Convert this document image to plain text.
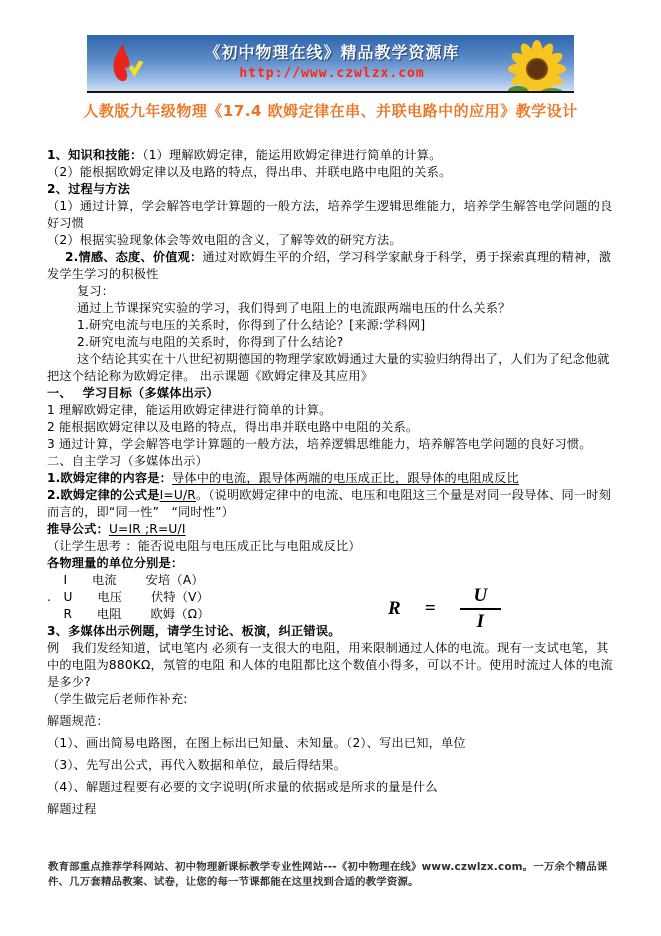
《初中物理在线》精品教学资源库
http://www.czwlzx.com
人教版九年级物理《17.4 欧姆定律在串、并联电路中的应用》教学设计

1、知识和技能：（1）理解欧姆定律，能运用欧姆定律进行简单的计算。

（2）能根据欧姆定律以及电路的特点，得出串、并联电路中电阻的关系。

2、过程与方法

（1）通过计算，学会解答电学计算题的一般方法，培养学生逻辑思维能力，培养学生解答电学问题的良好习惯

（2）根据实验现象体会等效电阻的含义，了解等效的研究方法。

2.情感、态度、价值观：通过对欧姆生平的介绍，学习科学家献身于科学，勇于探索真理的精神，激发学生学习的积极性

复习：

通过上节课探究实验的学习，我们得到了电阻上的电流跟两端电压的什么关系？

1.研究电流与电压的关系时，你得到了什么结论？[来源:学科网]

2.研究电流与电阻的关系时，你得到了什么结论?

这个结论其实在十八世纪初期德国的物理学家欧姆通过大量的实验归纳得出了，人们为了纪念他就把这个结论称为欧姆定律。 出示课题《欧姆定律及其应用》

一、　 学习目标（多媒体出示）

1 理解欧姆定律，能运用欧姆定律进行简单的计算。

2 能根据欧姆定律以及电路的特点，得出串并联电路中电阻的关系。

3 通过计算，学会解答电学计算题的一般方法，培养逻辑思维能力，培养解答电学问题的良好习惯。

二、自主学习（多媒体出示）

1.欧姆定律的内容是：导体中的电流，跟导体两端的电压成正比，跟导体的电阻成反比

2.欧姆定律的公式是I=U/R。（说明欧姆定律中的电流、电压和电阻这三个量是对同一段导体、同一时刻而言的，即“同一性”　“同时性”）

推导公式：U=IR ;R=U/I

（让学生思考 ：能否说电阻与电压成正比与电阻成反比）

各物理量的单位分别是：

　 I　　电流　　 安培（A）

.　U　　电压　　 伏特（V）

　 R　　电阻　　 欧姆（Ω）

3、多媒体出示例题，请学生讨论、板演，纠正错误。

例　我们发经知道，试电笔内 必须有一支很大的电阻，用来限制通过人体的电流。现有一支试电笔，其中的电阻为880KΩ，氖管的电阻 和人体的电阻都比这个数值小得多，可以不计。使用时流过人体的电流是多少?

（学生做完后老师作补充:

解题规范：

（1）、画出简易电路图，在图上标出已知量、未知量。（2）、写出已知，单位

（3）、先写出公式，再代入数据和单位，最后得结果。

（4）、解题过程要有必要的文字说明(所求量的依据或是所求的量是什么

解题过程

$R = \frac{U}{I}$
教育部重点推荐学科网站、初中物理新课标教学专业性网站---《初中物理在线》www.czwlzx.com。一万余个精品课件、几万套精品教案、试卷，让您的每一节课都能在这里找到合适的教学资源。
